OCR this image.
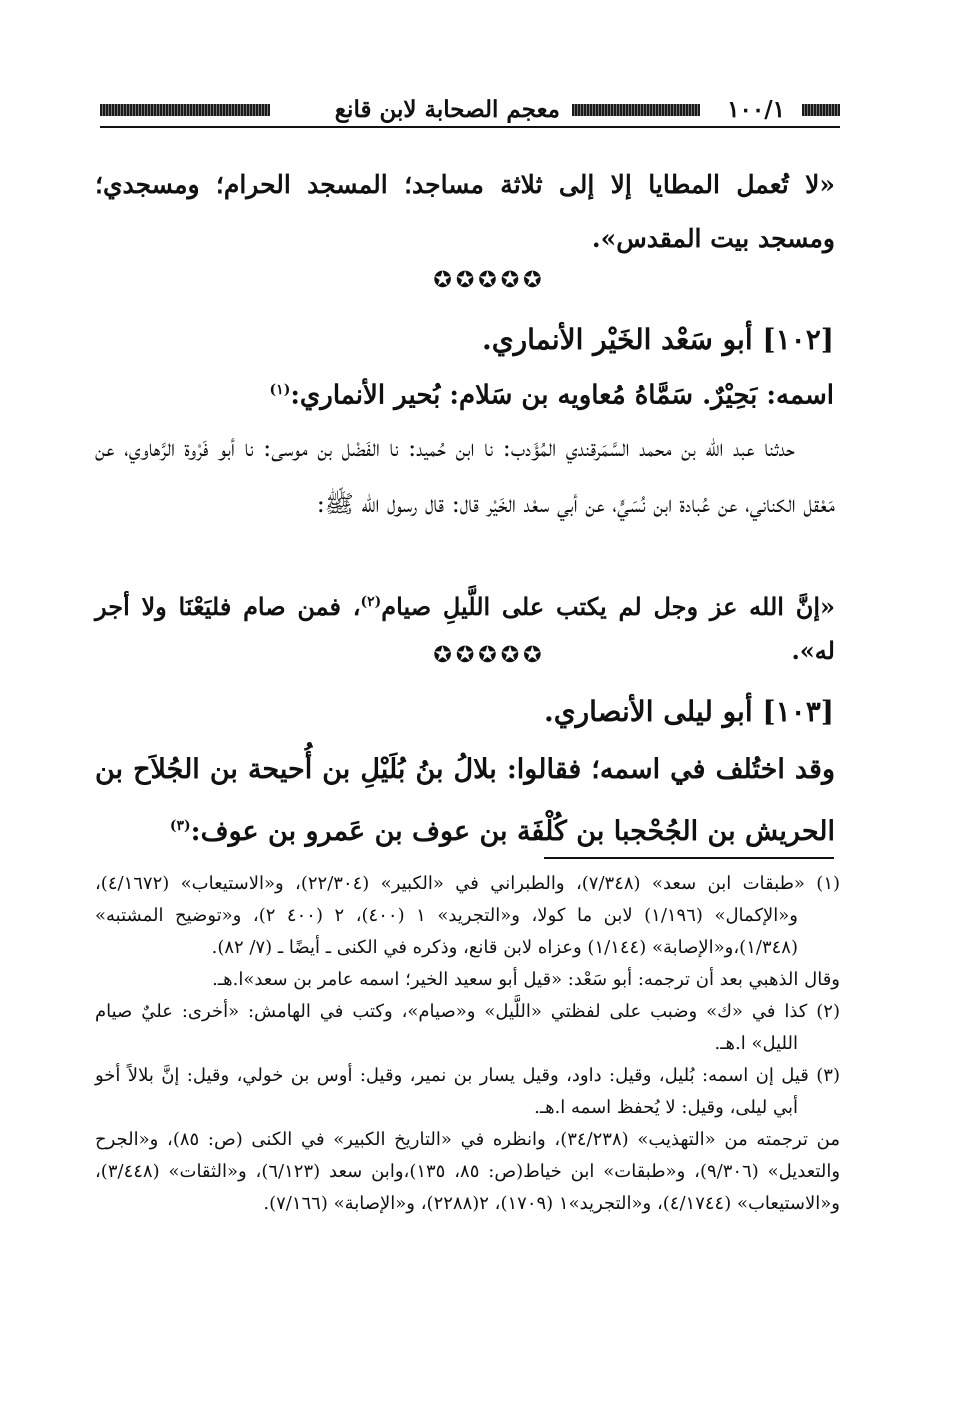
١٠٠/١
معجم الصحابة لابن قانع
«لا تُعمل المطايا إلا إلى ثلاثة مساجد؛ المسجد الحرام؛ ومسجدي؛ ومسجد بيت المقدس».
✪✪✪✪✪
[١٠٢] أبو سَعْد الخَيْر الأنماري.
اسمه: بَحِيْرٌ. سَمَّاهُ مُعاويه بن سَلام: بُحير الأنماري:$^{(١)}$

حدثنا عبد الله بن محمد السَّمَرقندي المُؤَدب: نا ابن حُميد: نا الفَضْل بن موسى: نا أبو فَرْوة الرَّهاوي، عن مَعْقل الكناني، عن عُبادة ابن نُسَيٍّ، عن أبي سعْد الخَيْر قال: قال رسول الله ﷺ:

«إنَّ الله عز وجل لم يكتب على اللَّيلِ صيام$^{(٢)}$، فمن صام فليَعْنَا ولا أجر له».
✪✪✪✪✪
[١٠٣] أبو ليلى الأنصاري.
وقد اختُلف في اسمه؛ فقالوا: بلالُ بنُ بُلَيْلِ بن أُحيحة بن الجُلاَح بن الحريش بن الجُحْجبا بن كُلْفَة بن عوف بن عَمرو بن عوف:$^{(٣)}$

(١) «طبقات ابن سعد» (٧/٣٤٨)، والطبراني في «الكبير» (٢٢/٣٠٤)، و«الاستيعاب» (٤/١٦٧٢)، و«الإكمال» (١/١٩٦) لابن ما كولا، و«التجريد» ١ (٤٠٠)، ٢ (٤٠٠ ٢)، و«توضيح المشتبه» (١/٣٤٨)،و«الإصابة» (١/١٤٤) وعزاه لابن قانع، وذكره في الكنى ـ أيضًا ـ (٧/ ٨٢).

وقال الذهبي بعد أن ترجمه: أبو سَعْد: «قيل أبو سعيد الخير؛ اسمه عامر بن سعد»ا.هـ.

(٢) كذا في «ك» وضبب على لفظتي «اللَّيل» و«صيام»، وكتب في الهامش: «أخرى: عليٌ صيام الليل» ا.هـ.

(٣) قيل إن اسمه: بُليل، وقيل: داود، وقيل يسار بن نمير، وقيل: أوس بن خولي، وقيل: إنَّ بلالاً أخو أبي ليلى، وقيل: لا يُحفظ اسمه ا.هـ.

من ترجمته من «التهذيب» (٣٤/٢٣٨)، وانظره في «التاريخ الكبير» في الكنى (ص: ٨٥)، و«الجرح والتعديل» (٩/٣٠٦)، و«طبقات» ابن خياط(ص: ٨٥، ١٣٥)،وابن سعد (٦/١٢٣)، و«الثقات» (٣/٤٤٨)، و«الاستيعاب» (٤/١٧٤٤)، و«التجريد»١ (١٧٠٩)، ٢(٢٢٨٨)، و«الإصابة» (٧/١٦٦).
